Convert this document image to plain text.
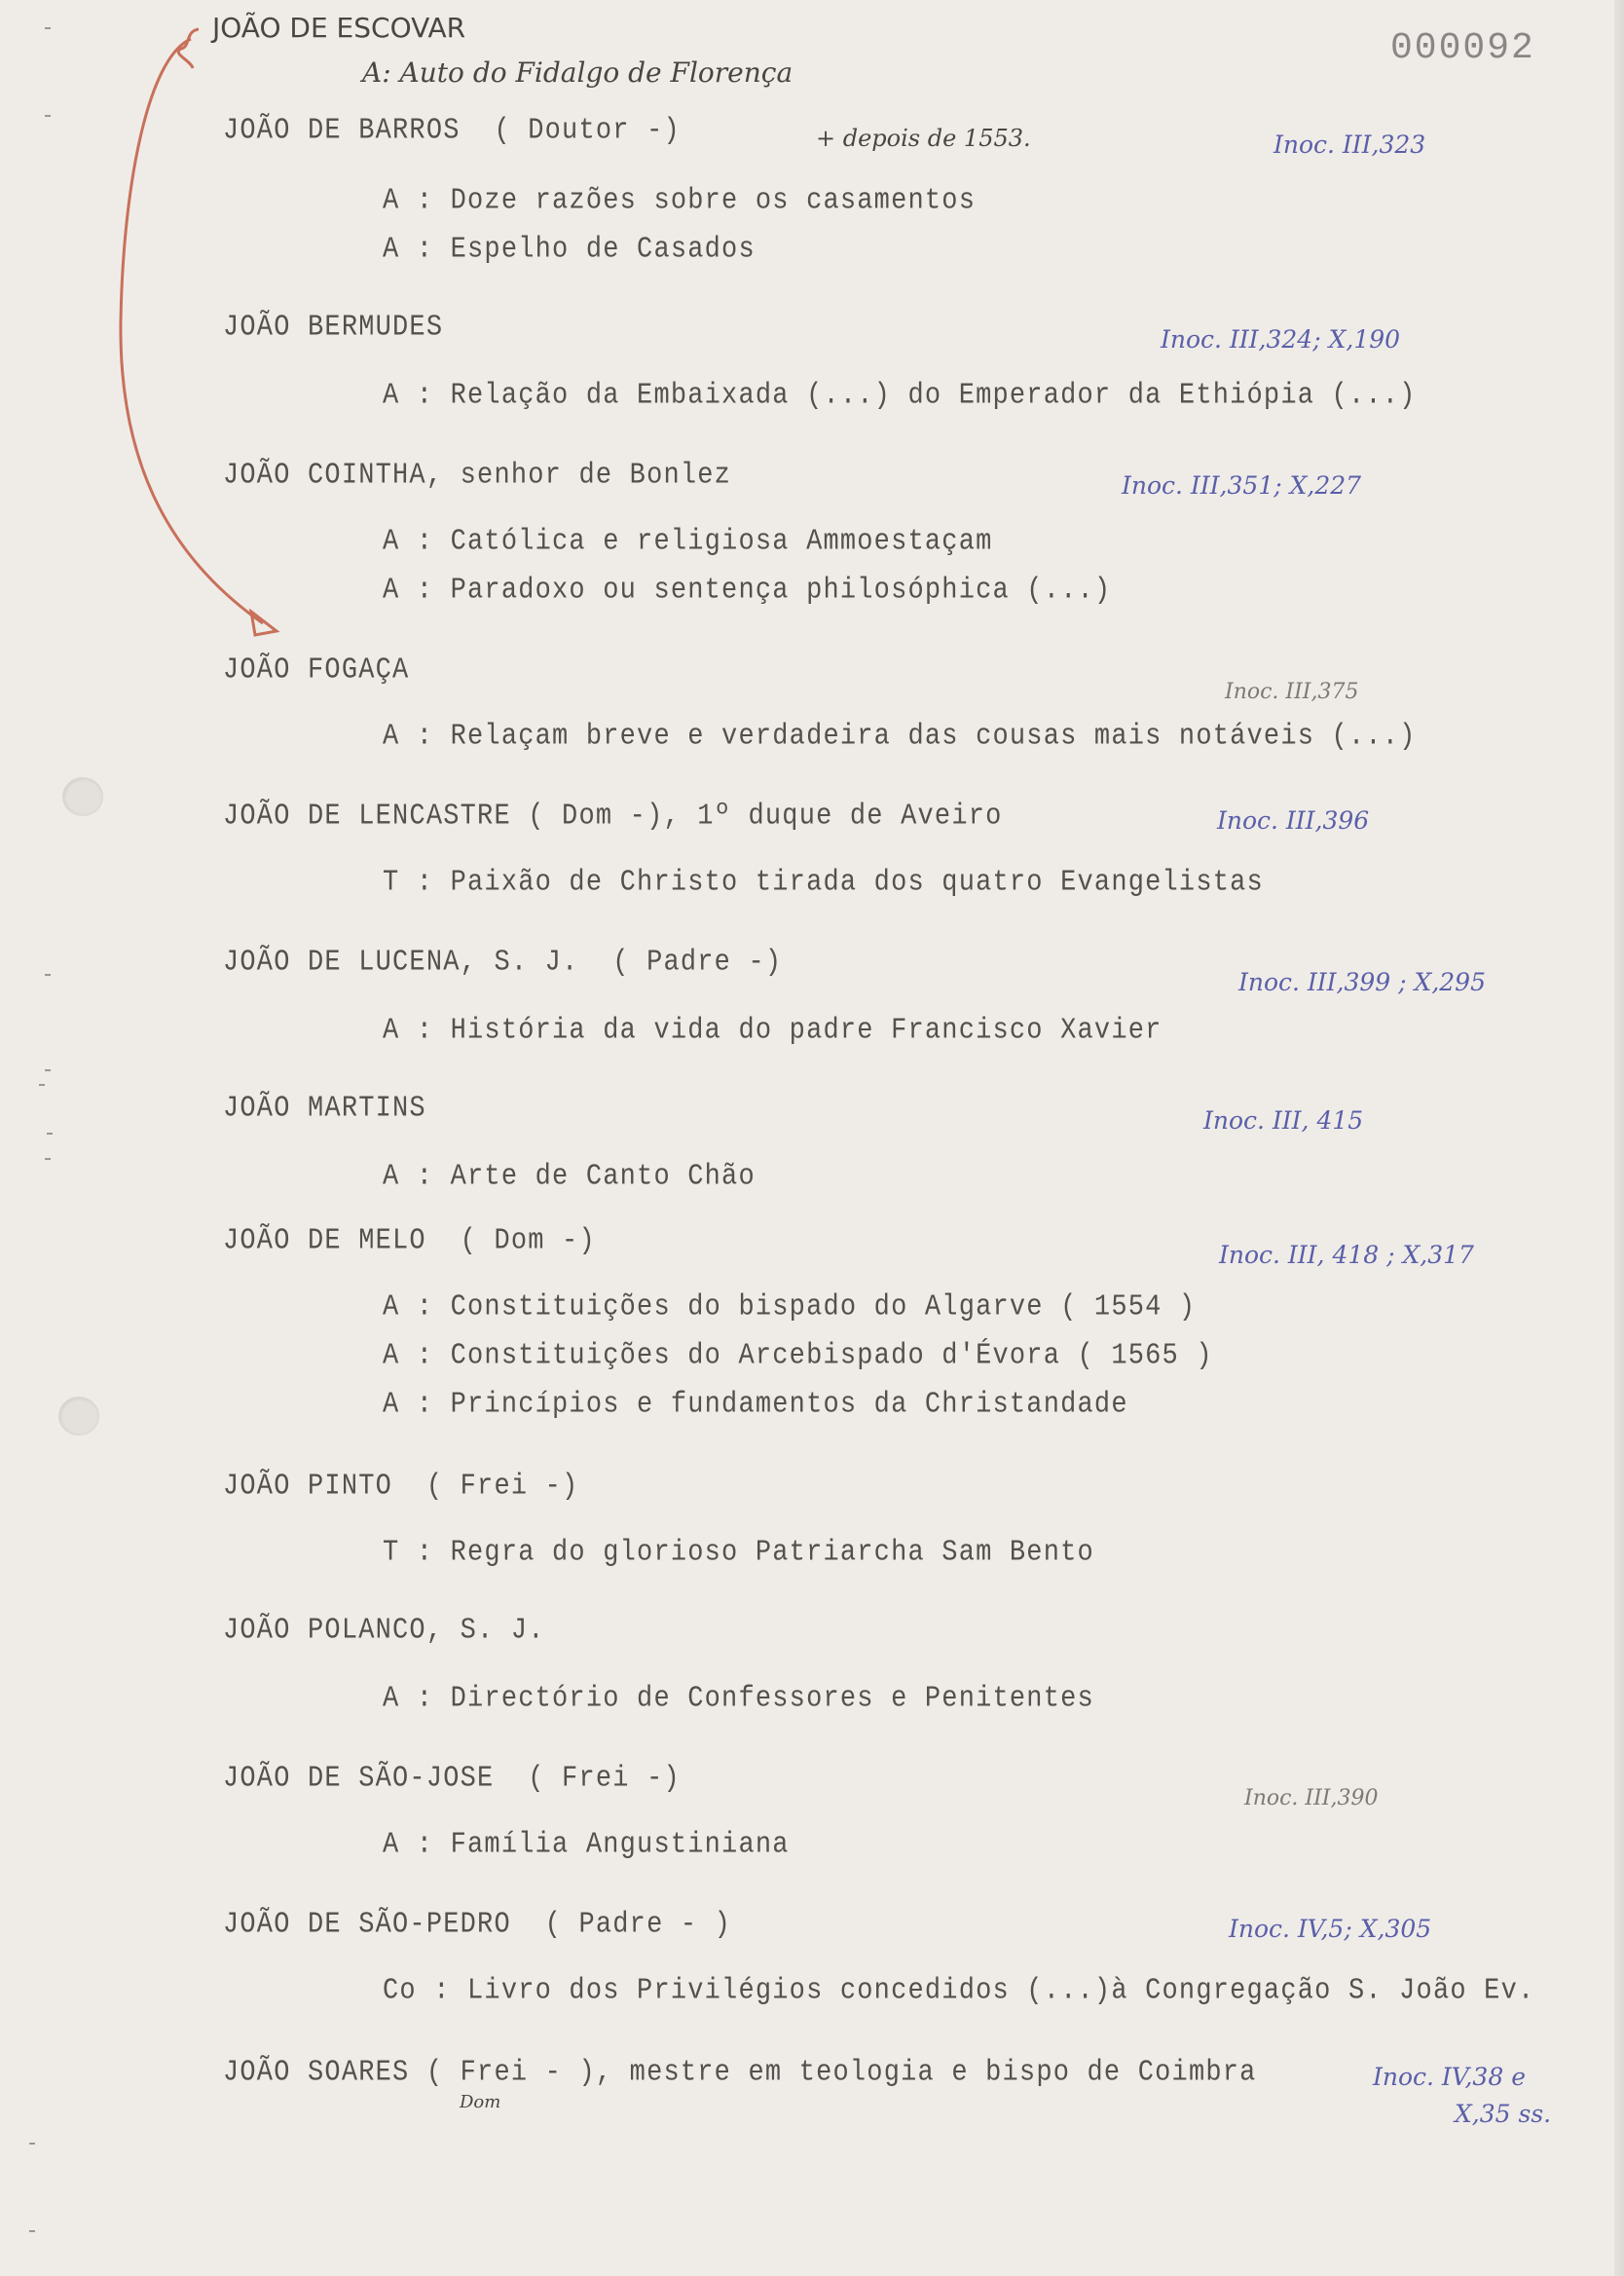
000092
JOÃO DE ESCOVAR
A: Auto do Fidalgo de Florença
JOÃO DE BARROS  ( Doutor -)	+ depois de 1553.	Inoc. III,323
A : Doze razões sobre os casamentos
A : Espelho de Casados
JOÃO BERMUDES	Inoc. III,324; X,190
A : Relação da Embaixada (...) do Emperador da Ethiópia (...)
JOÃO COINTHA, senhor de Bonlez	Inoc. III,351; X,227
A : Católica e religiosa Ammoestaçam
A : Paradoxo ou sentença philosóphica (...)
JOÃO FOGAÇA
Inoc. III,375
A : Relaçam breve e verdadeira das cousas mais notáveis (...)
JOÃO DE LENCASTRE ( Dom -), 1º duque de Aveiro	Inoc. III,396
T : Paixão de Christo tirada dos quatro Evangelistas
JOÃO DE LUCENA, S. J.  ( Padre -)
Inoc. III,399 ; X,295
A : História da vida do padre Francisco Xavier
JOÃO MARTINS	Inoc. III, 415
A : Arte de Canto Chão
JOÃO DE MELO  ( Dom -)	Inoc. III, 418 ; X,317
A : Constituições do bispado do Algarve ( 1554 )
A : Constituições do Arcebispado d'Évora ( 1565 )
A : Princípios e fundamentos da Christandade
JOÃO PINTO  ( Frei -)
T : Regra do glorioso Patriarcha Sam Bento
JOÃO POLANCO, S. J.
A : Directório de Confessores e Penitentes
JOÃO DE SÃO-JOSE  ( Frei -)
Inoc. III,390
A : Família Angustiniana
JOÃO DE SÃO-PEDRO  ( Padre - )	Inoc. IV,5; X,305
Co : Livro dos Privilégios concedidos (...)à Congregação S. João Ev.
JOÃO SOARES ( Frei - ), mestre em teologia e bispo de Coimbra
Dom
Inoc. IV,38 e
X,35 ss.
